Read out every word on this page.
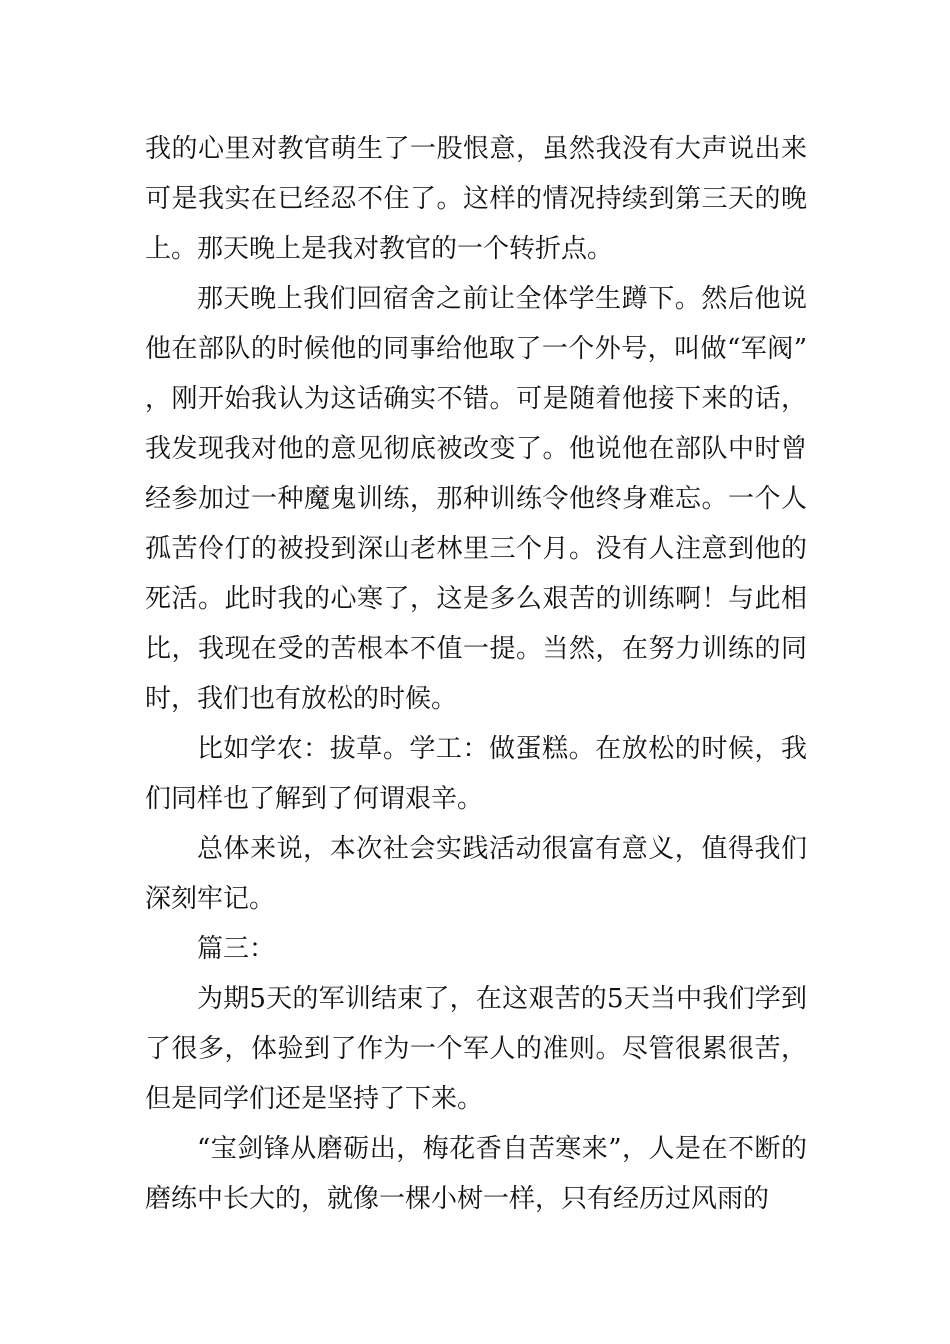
我的心里对教官萌生了一股恨意，虽然我没有大声说出来可是我实在已经忍不住了。这样的情况持续到第三天的晚上。那天晚上是我对教官的一个转折点。

那天晚上我们回宿舍之前让全体学生蹲下。然后他说他在部队的时候他的同事给他取了一个外号，叫做“军阀”，刚开始我认为这话确实不错。可是随着他接下来的话，我发现我对他的意见彻底被改变了。他说他在部队中时曾经参加过一种魔鬼训练，那种训练令他终身难忘。一个人孤苦伶仃的被投到深山老林里三个月。没有人注意到他的死活。此时我的心寒了，这是多么艰苦的训练啊！与此相比，我现在受的苦根本不值一提。当然，在努力训练的同时，我们也有放松的时候。

比如学农：拔草。学工：做蛋糕。在放松的时候，我们同样也了解到了何谓艰辛。

总体来说，本次社会实践活动很富有意义，值得我们深刻牢记。

篇三：

为期5天的军训结束了，在这艰苦的5天当中我们学到了很多，体验到了作为一个军人的准则。尽管很累很苦，但是同学们还是坚持了下来。

“宝剑锋从磨砺出，梅花香自苦寒来”，人是在不断的磨练中长大的，就像一棵小树一样，只有经历过风雨的
